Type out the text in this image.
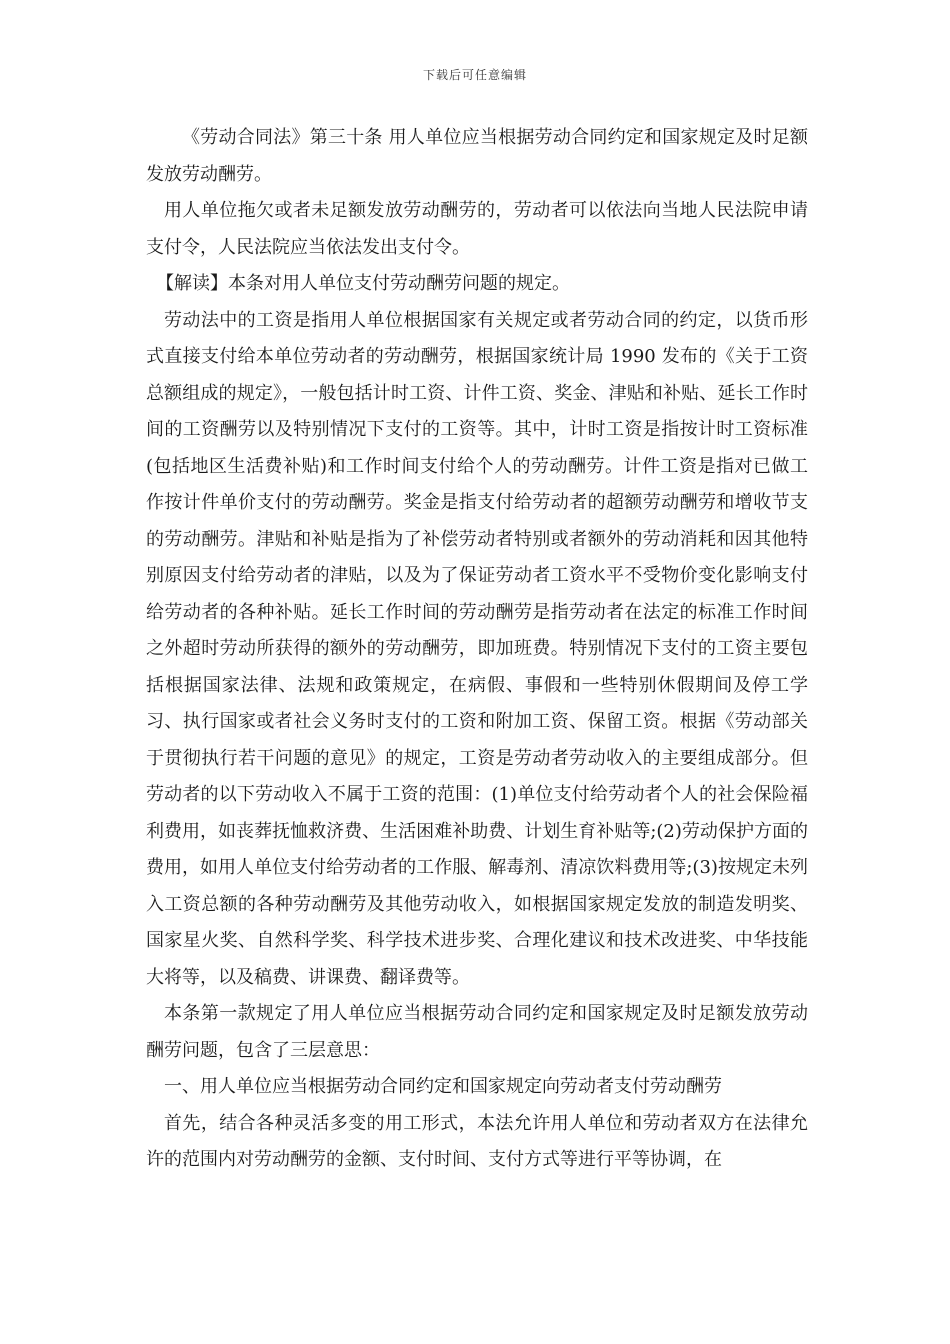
下载后可任意编辑

《劳动合同法》第三十条 用人单位应当根据劳动合同约定和国家规定及时足额发放劳动酬劳。

用人单位拖欠或者未足额发放劳动酬劳的，劳动者可以依法向当地人民法院申请支付令，人民法院应当依法发出支付令。

【解读】本条对用人单位支付劳动酬劳问题的规定。

劳动法中的工资是指用人单位根据国家有关规定或者劳动合同的约定，以货币形式直接支付给本单位劳动者的劳动酬劳，根据国家统计局 1990 发布的《关于工资总额组成的规定》，一般包括计时工资、计件工资、奖金、津贴和补贴、延长工作时间的工资酬劳以及特别情况下支付的工资等。其中，计时工资是指按计时工资标准(包括地区生活费补贴)和工作时间支付给个人的劳动酬劳。计件工资是指对已做工作按计件单价支付的劳动酬劳。奖金是指支付给劳动者的超额劳动酬劳和增收节支的劳动酬劳。津贴和补贴是指为了补偿劳动者特别或者额外的劳动消耗和因其他特别原因支付给劳动者的津贴，以及为了保证劳动者工资水平不受物价变化影响支付给劳动者的各种补贴。延长工作时间的劳动酬劳是指劳动者在法定的标准工作时间之外超时劳动所获得的额外的劳动酬劳，即加班费。特别情况下支付的工资主要包括根据国家法律、法规和政策规定，在病假、事假和一些特别休假期间及停工学习、执行国家或者社会义务时支付的工资和附加工资、保留工资。根据《劳动部关于贯彻执行若干问题的意见》的规定，工资是劳动者劳动收入的主要组成部分。但劳动者的以下劳动收入不属于工资的范围：(1)单位支付给劳动者个人的社会保险福利费用，如丧葬抚恤救济费、生活困难补助费、计划生育补贴等;(2)劳动保护方面的费用，如用人单位支付给劳动者的工作服、解毒剂、清凉饮料费用等;(3)按规定未列入工资总额的各种劳动酬劳及其他劳动收入，如根据国家规定发放的制造发明奖、国家星火奖、自然科学奖、科学技术进步奖、合理化建议和技术改进奖、中华技能大将等，以及稿费、讲课费、翻译费等。

本条第一款规定了用人单位应当根据劳动合同约定和国家规定及时足额发放劳动酬劳问题，包含了三层意思：

一、用人单位应当根据劳动合同约定和国家规定向劳动者支付劳动酬劳

首先，结合各种灵活多变的用工形式，本法允许用人单位和劳动者双方在法律允许的范围内对劳动酬劳的金额、支付时间、支付方式等进行平等协调，在
